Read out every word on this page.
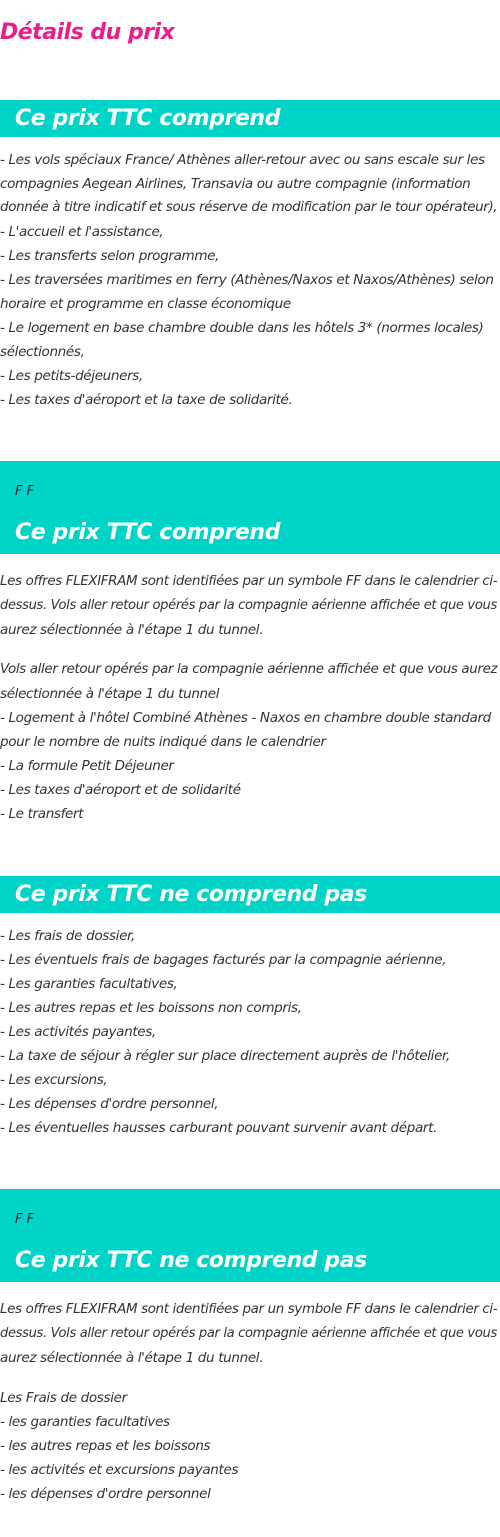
Détails du prix
Ce prix TTC comprend

- Les vols spéciaux France/ Athènes aller-retour avec ou sans escale sur les
compagnies Aegean Airlines, Transavia ou autre compagnie (information
donnée à titre indicatif et sous réserve de modification par le tour opérateur),
- L'accueil et l'assistance,
- Les transferts selon programme,
- Les traversées maritimes en ferry (Athènes/Naxos et Naxos/Athènes) selon
horaire et programme en classe économique
- Le logement en base chambre double dans les hôtels 3* (normes locales)
sélectionnés,
- Les petits-déjeuners,
- Les taxes d'aéroport et la taxe de solidarité.

F F
Ce prix TTC comprend

Les offres FLEXIFRAM sont identifiées par un symbole FF dans le calendrier ci-
dessus. Vols aller retour opérés par la compagnie aérienne affichée et que vous
aurez sélectionnée à l'étape 1 du tunnel.

Vols aller retour opérés par la compagnie aérienne affichée et que vous aurez
sélectionnée à l'étape 1 du tunnel
- Logement à l'hôtel Combiné Athènes - Naxos en chambre double standard
pour le nombre de nuits indiqué dans le calendrier
- La formule Petit Déjeuner
- Les taxes d'aéroport et de solidarité
- Le transfert

Ce prix TTC ne comprend pas

- Les frais de dossier,
- Les éventuels frais de bagages facturés par la compagnie aérienne,
- Les garanties facultatives,
- Les autres repas et les boissons non compris,
- Les activités payantes,
- La taxe de séjour à régler sur place directement auprès de l'hôtelier,
- Les excursions,
- Les dépenses d'ordre personnel,
- Les éventuelles hausses carburant pouvant survenir avant départ.

F F
Ce prix TTC ne comprend pas

Les offres FLEXIFRAM sont identifiées par un symbole FF dans le calendrier ci-
dessus. Vols aller retour opérés par la compagnie aérienne affichée et que vous
aurez sélectionnée à l'étape 1 du tunnel.

Les Frais de dossier
- les garanties facultatives
- les autres repas et les boissons
- les activités et excursions payantes
- les dépenses d'ordre personnel
